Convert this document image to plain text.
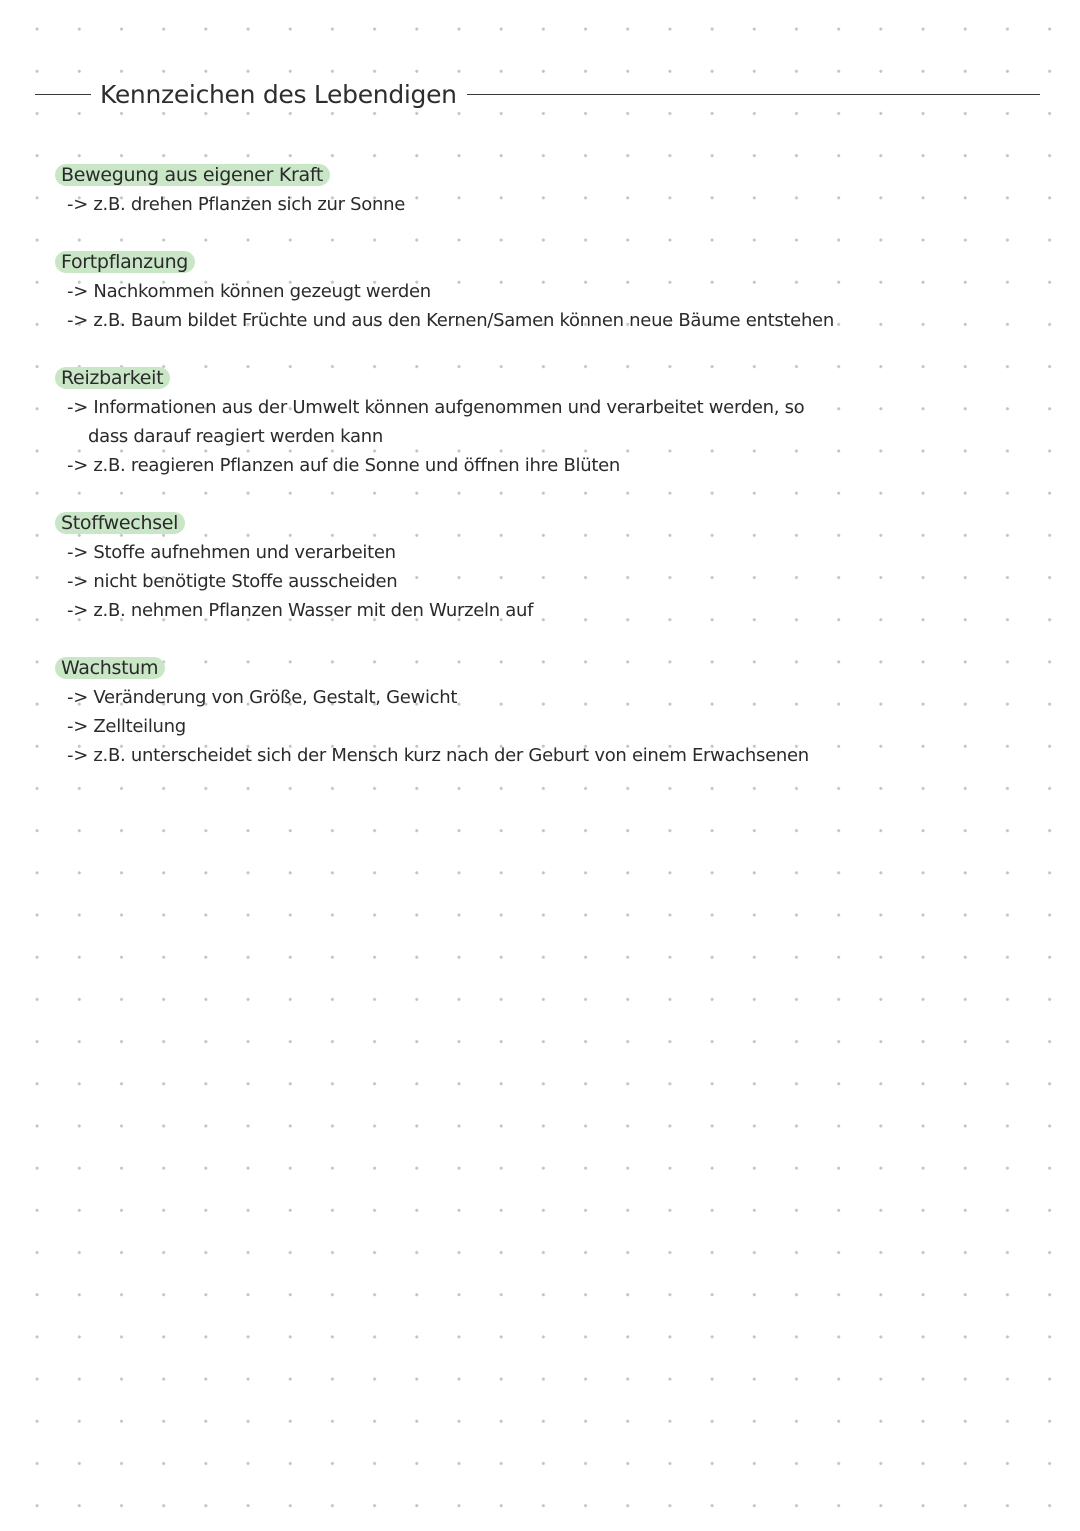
Kennzeichen des Lebendigen
Bewegung aus eigener Kraft
-> z.B. drehen Pflanzen sich zur Sonne
Fortpflanzung
-> Nachkommen können gezeugt werden
-> z.B. Baum bildet Früchte und aus den Kernen/Samen können neue Bäume entstehen
Reizbarkeit
-> Informationen aus der Umwelt können aufgenommen und verarbeitet werden, so
dass darauf reagiert werden kann
-> z.B. reagieren Pflanzen auf die Sonne und öffnen ihre Blüten
Stoffwechsel
-> Stoffe aufnehmen und verarbeiten
-> nicht benötigte Stoffe ausscheiden
-> z.B. nehmen Pflanzen Wasser mit den Wurzeln auf
Wachstum
-> Veränderung von Größe, Gestalt, Gewicht
-> Zellteilung
-> z.B. unterscheidet sich der Mensch kurz nach der Geburt von einem Erwachsenen
